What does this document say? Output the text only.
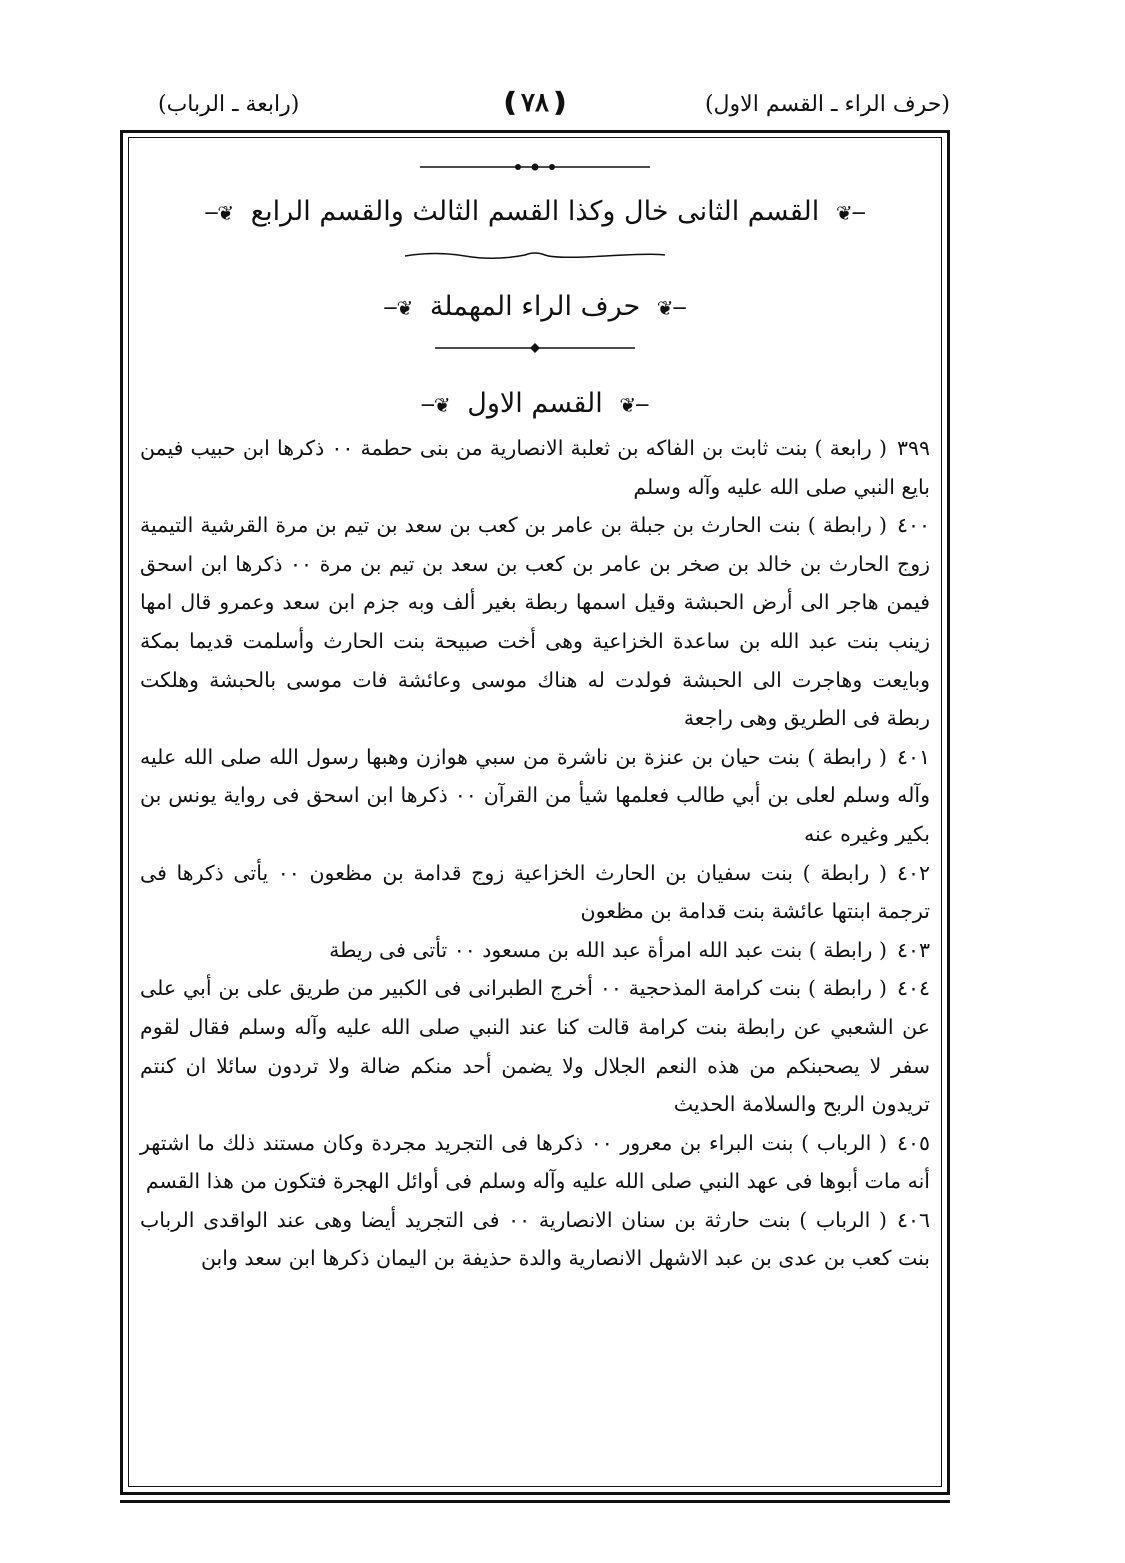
(حرف الراء ـ القسم الاول)
❪٧٨❫
(رابعة ـ الرباب)
─❦ القسم الثانى خال وكذا القسم الثالث والقسم الرابع ❦─
─❦ حرف الراء المهملة ❦─
─❦ القسم الاول ❦─

٣٩٩( رابعة ) بنت ثابت بن الفاكه بن ثعلبة الانصارية من بنى حطمة ٠٠ ذكرها ابن حبيب فيمن بايع النبي صلى الله عليه وآله وسلم

٤٠٠( رابطة ) بنت الحارث بن جبلة بن عامر بن كعب بن سعد بن تيم بن مرة القرشية التيمية زوج الحارث بن خالد بن صخر بن عامر بن كعب بن سعد بن تيم بن مرة ٠٠ ذكرها ابن اسحق فيمن هاجر الى أرض الحبشة وقيل اسمها ربطة بغير ألف وبه جزم ابن سعد وعمرو قال امها زينب بنت عبد الله بن ساعدة الخزاعية وهى أخت صبيحة بنت الحارث وأسلمت قديما بمكة وبايعت وهاجرت الى الحبشة فولدت له هناك موسى وعائشة فات موسى بالحبشة وهلكت ربطة فى الطريق وهى راجعة

٤٠١( رابطة ) بنت حيان بن عنزة بن ناشرة من سبي هوازن وهبها رسول الله صلى الله عليه وآله وسلم لعلى بن أبي طالب فعلمها شيأ من القرآن ٠٠ ذكرها ابن اسحق فى رواية يونس بن بكير وغيره عنه

٤٠٢( رابطة ) بنت سفيان بن الحارث الخزاعية زوج قدامة بن مظعون ٠٠ يأتى ذكرها فى ترجمة ابنتها عائشة بنت قدامة بن مظعون

٤٠٣( رابطة ) بنت عبد الله امرأة عبد الله بن مسعود ٠٠ تأتى فى ريطة

٤٠٤( رابطة ) بنت كرامة المذحجية ٠٠ أخرج الطبرانى فى الكبير من طريق على بن أبي على عن الشعبي عن رابطة بنت كرامة قالت كنا عند النبي صلى الله عليه وآله وسلم فقال لقوم سفر لا يصحبنكم من هذه النعم الجلال ولا يضمن أحد منكم ضالة ولا تردون سائلا ان كنتم تريدون الربح والسلامة الحديث

٤٠٥( الرباب ) بنت البراء بن معرور ٠٠ ذكرها فى التجريد مجردة وكان مستند ذلك ما اشتهر أنه مات أبوها فى عهد النبي صلى الله عليه وآله وسلم فى أوائل الهجرة فتكون من هذا القسم

٤٠٦( الرباب ) بنت حارثة بن سنان الانصارية ٠٠ فى التجريد أيضا وهى عند الواقدى الرباب بنت كعب بن عدى بن عبد الاشهل الانصارية والدة حذيفة بن اليمان ذكرها ابن سعد وابن
